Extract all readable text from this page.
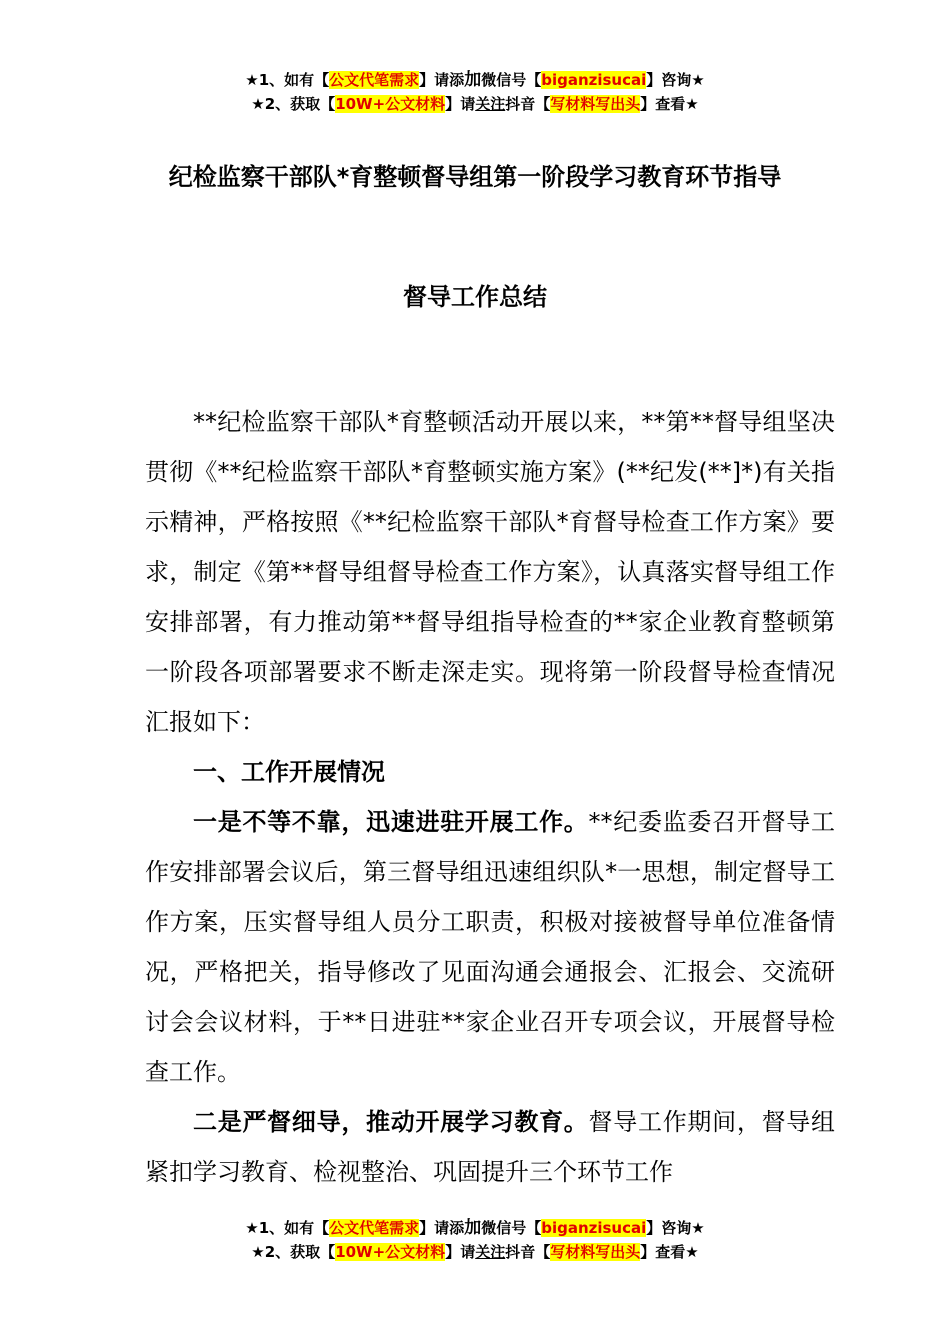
★1、如有【公文代笔需求】请添加微信号【biganzisucai】咨询★
★2、获取【10W+公文材料】请关注抖音【写材料写出头】查看★
纪检监察干部队*育整顿督导组第一阶段学习教育环节指导
督导工作总结

**纪检监察干部队*育整顿活动开展以来，**第**督导组坚决贯彻《**纪检监察干部队*育整顿实施方案》(**纪发(**]*)有关指示精神，严格按照《**纪检监察干部队*育督导检查工作方案》要求，制定《第**督导组督导检查工作方案》，认真落实督导组工作安排部署，有力推动第**督导组指导检查的**家企业教育整顿第一阶段各项部署要求不断走深走实。现将第一阶段督导检查情况汇报如下：

一、工作开展情况

一是不等不靠，迅速进驻开展工作。**纪委监委召开督导工作安排部署会议后，第三督导组迅速组织队*一思想，制定督导工作方案，压实督导组人员分工职责，积极对接被督导单位准备情况，严格把关，指导修改了见面沟通会通报会、汇报会、交流研讨会会议材料，于**日进驻**家企业召开专项会议，开展督导检查工作。

二是严督细导，推动开展学习教育。督导工作期间，督导组紧扣学习教育、检视整治、巩固提升三个环节工作

★1、如有【公文代笔需求】请添加微信号【biganzisucai】咨询★
★2、获取【10W+公文材料】请关注抖音【写材料写出头】查看★
